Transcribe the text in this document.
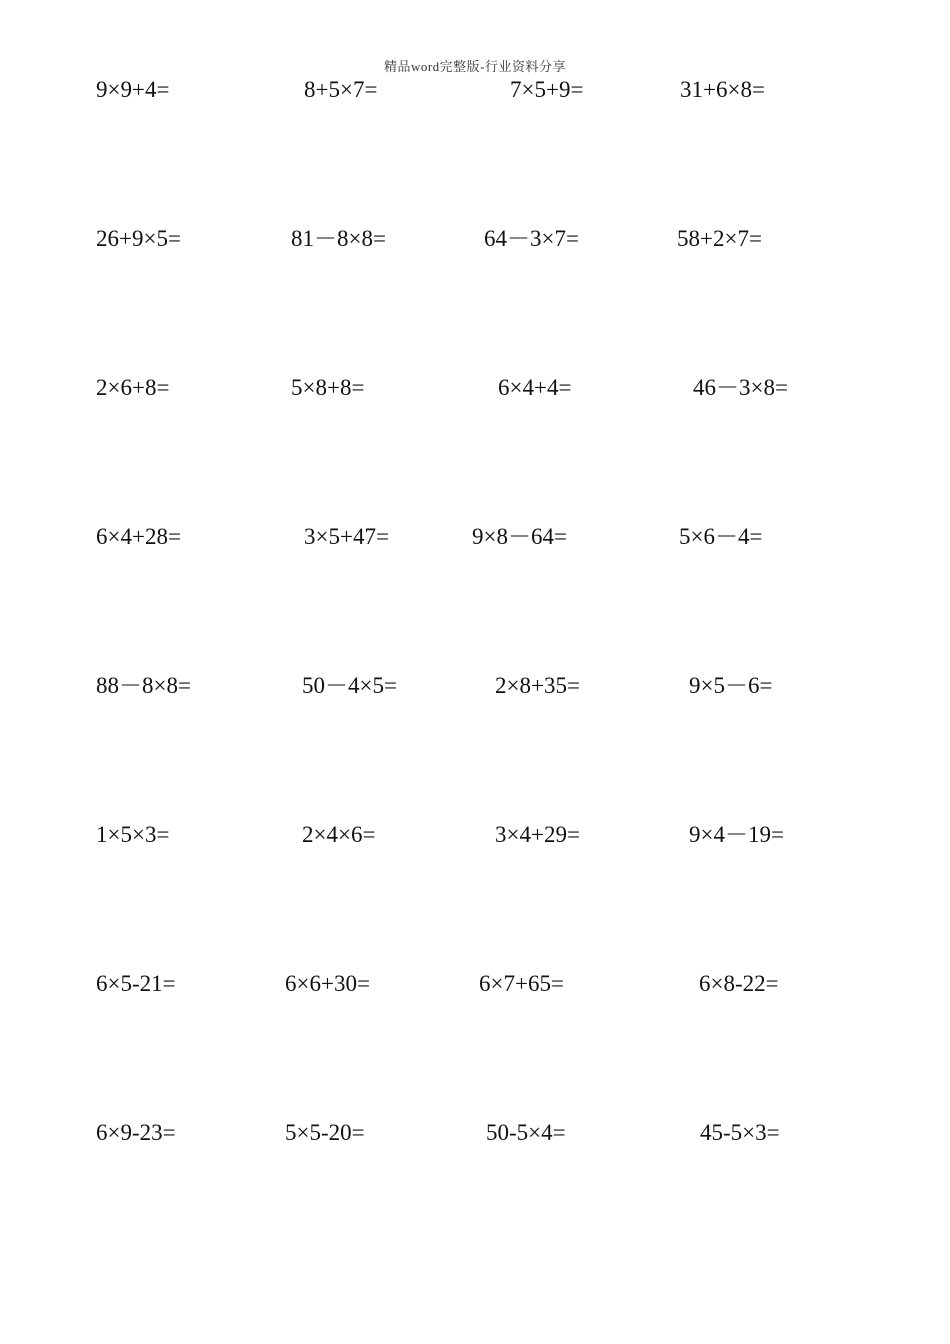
精品word完整版-行业资料分享
9×9+4=	8+5×7=	7×5+9=	31+6×8=
26+9×5=	81－8×8=	64－3×7=	58+2×7=
2×6+8=	5×8+8=	6×4+4=	46－3×8=
6×4+28=	3×5+47=	9×8－64=	5×6－4=
88－8×8=	50－4×5=	2×8+35=	9×5－6=
1×5×3=	2×4×6=	3×4+29=	9×4－19=
6×5-21=	6×6+30=	6×7+65=	6×8-22=
6×9-23=	5×5-20=	50-5×4=	45-5×3=
